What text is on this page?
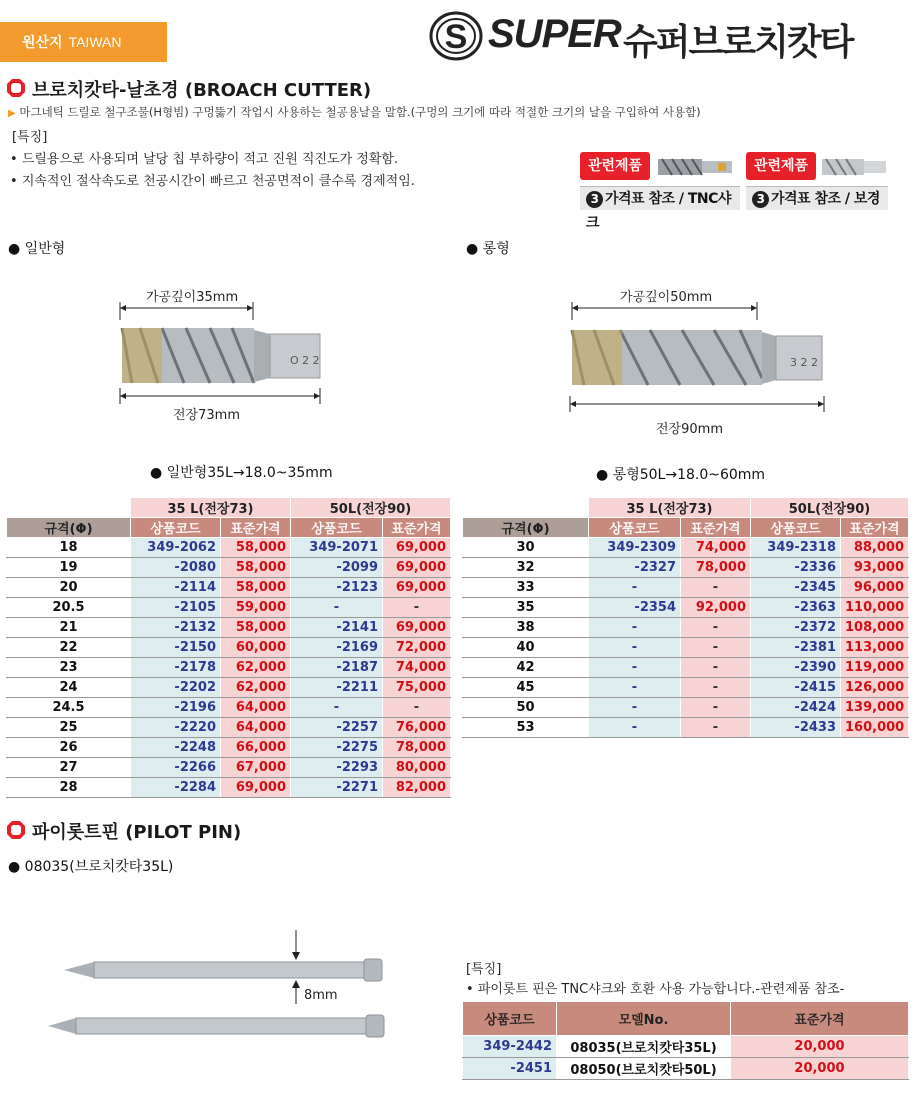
원산지 TAIWAN	S SUPER 슈퍼브로치캇타
브로치캇타-날초경 (BROACH CUTTER)
▶ 마그네틱 드릴로 철구조물(H형빔) 구멍뚫기 작업시 사용하는 철공용날을 말함.(구멍의 크기에 따라 적절한 크기의 날을 구입하여 사용함)
[특징]
• 드릴용으로 사용되며 날당 칩 부하량이 적고 진원 직진도가 정확함.
• 지속적인 절삭속도로 천공시간이 빠르고 천공면적이 클수록 경제적임.
관련제품
3 가격표 참조 / TNC샤크
관련제품
3 가격표 참조 / 보경
● 일반형
가공깊이35mm
전장73mm
O 2 2
● 일반형35L→18.0~35mm
● 롱형
가공깊이50mm
전장90mm
3 2 2
● 롱형50L→18.0~60mm
	35 L(전장73)		50L(전장90)	
규격(Φ)	상품코드	표준가격	상품코드	표준가격
18	349-2062	58,000	349-2071	69,000
19	-2080	58,000	-2099	69,000
20	-2114	58,000	-2123	69,000
20.5	-2105	59,000	-	-
21	-2132	58,000	-2141	69,000
22	-2150	60,000	-2169	72,000
23	-2178	62,000	-2187	74,000
24	-2202	62,000	-2211	75,000
24.5	-2196	64,000	-	-
25	-2220	64,000	-2257	76,000
26	-2248	66,000	-2275	78,000
27	-2266	67,000	-2293	80,000
28	-2284	69,000	-2271	82,000
	35 L(전장73)		50L(전장90)	
규격(Φ)	상품코드	표준가격	상품코드	표준가격
30	349-2309	74,000	349-2318	88,000
32	-2327	78,000	-2336	93,000
33	-	-	-2345	96,000
35	-2354	92,000	-2363	110,000
38	-	-	-2372	108,000
40	-	-	-2381	113,000
42	-	-	-2390	119,000
45	-	-	-2415	126,000
50	-	-	-2424	139,000
53	-	-	-2433	160,000
파이롯트핀 (PILOT PIN)
● 08035(브로치캇타35L)
8mm
[특징]
• 파이롯트 핀은 TNC샤크와 호환 사용 가능합니다.-관련제품 참조-
상품코드	모델No.	표준가격
349-2442	08035(브로치캇타35L)	20,000
-2451	08050(브로치캇타50L)	20,000
